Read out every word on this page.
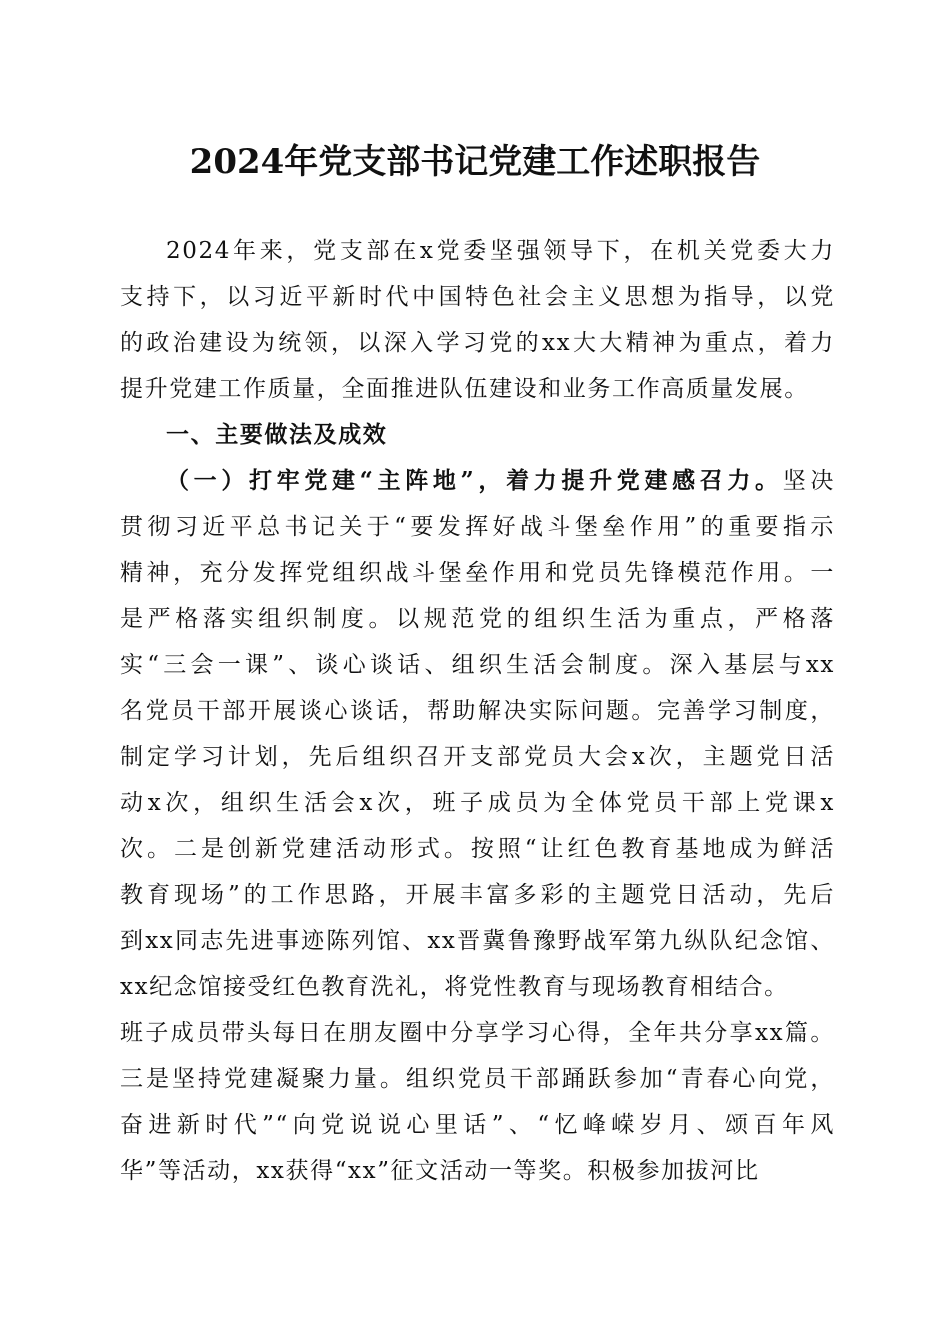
2024年党支部书记党建工作述职报告
2024年来，党支部在x党委坚强领导下，在机关党委大力
支持下，以习近平新时代中国特色社会主义思想为指导，以党
的政治建设为统领，以深入学习党的xx大大精神为重点，着力
提升党建工作质量，全面推进队伍建设和业务工作高质量发展。
一、主要做法及成效
（一）打牢党建“主阵地”，着力提升党建感召力。坚决
贯彻习近平总书记关于“要发挥好战斗堡垒作用”的重要指示
精神，充分发挥党组织战斗堡垒作用和党员先锋模范作用。一
是严格落实组织制度。以规范党的组织生活为重点，严格落
实“三会一课”、谈心谈话、组织生活会制度。深入基层与xx
名党员干部开展谈心谈话，帮助解决实际问题。完善学习制度，
制定学习计划，先后组织召开支部党员大会x次，主题党日活
动x次，组织生活会x次，班子成员为全体党员干部上党课x
次。二是创新党建活动形式。按照“让红色教育基地成为鲜活
教育现场”的工作思路，开展丰富多彩的主题党日活动，先后
到xx同志先进事迹陈列馆、xx晋冀鲁豫野战军第九纵队纪念馆、
xx纪念馆接受红色教育洗礼，将党性教育与现场教育相结合。
班子成员带头每日在朋友圈中分享学习心得，全年共分享xx篇。
三是坚持党建凝聚力量。组织党员干部踊跃参加“青春心向党，
奋进新时代”“向党说说心里话”、“忆峰嵘岁月、颂百年风
华”等活动，xx获得“xx”征文活动一等奖。积极参加拔河比
